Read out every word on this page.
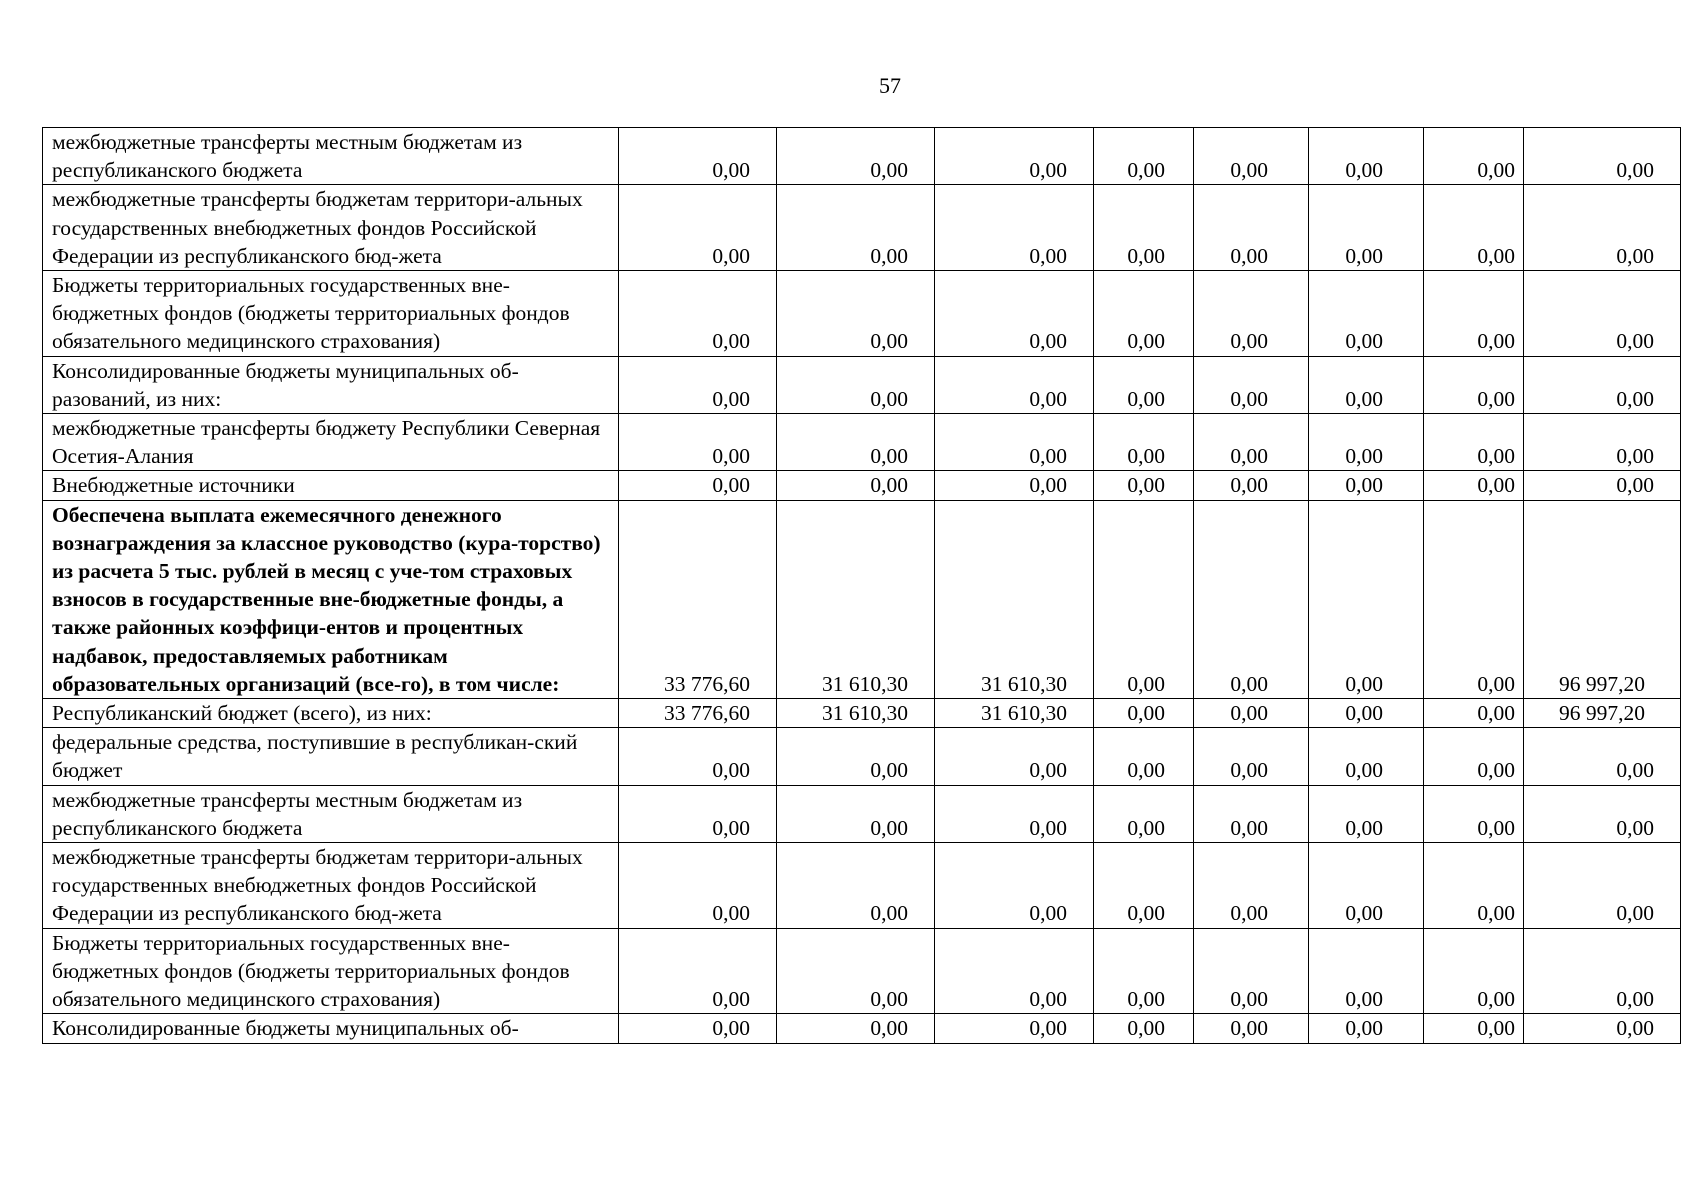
57
межбюджетные трансферты местным бюджетам из республиканского бюджета	0,00	0,00	0,00	0,00	0,00	0,00	0,00	0,00
межбюджетные трансферты бюджетам территори-альных государственных внебюджетных фондов Российской Федерации из республиканского бюд-жета	0,00	0,00	0,00	0,00	0,00	0,00	0,00	0,00
Бюджеты территориальных государственных вне-бюджетных фондов (бюджеты территориальных фондов обязательного медицинского страхования)	0,00	0,00	0,00	0,00	0,00	0,00	0,00	0,00
Консолидированные бюджеты муниципальных об-разований, из них:	0,00	0,00	0,00	0,00	0,00	0,00	0,00	0,00
межбюджетные трансферты бюджету Республики Северная Осетия-Алания	0,00	0,00	0,00	0,00	0,00	0,00	0,00	0,00
Внебюджетные источники	0,00	0,00	0,00	0,00	0,00	0,00	0,00	0,00
Обеспечена выплата ежемесячного денежного вознаграждения за классное руководство (кура-торство) из расчета 5 тыс. рублей в месяц с уче-том страховых взносов в государственные вне-бюджетные фонды, а также районных коэффици-ентов и процентных надбавок, предоставляемых работникам образовательных организаций (все-го), в том числе:	33 776,60	31 610,30	31 610,30	0,00	0,00	0,00	0,00	96 997,20
Республиканский бюджет (всего), из них:	33 776,60	31 610,30	31 610,30	0,00	0,00	0,00	0,00	96 997,20
федеральные средства, поступившие в республикан-ский бюджет	0,00	0,00	0,00	0,00	0,00	0,00	0,00	0,00
межбюджетные трансферты местным бюджетам из республиканского бюджета	0,00	0,00	0,00	0,00	0,00	0,00	0,00	0,00
межбюджетные трансферты бюджетам территори-альных государственных внебюджетных фондов Российской Федерации из республиканского бюд-жета	0,00	0,00	0,00	0,00	0,00	0,00	0,00	0,00
Бюджеты территориальных государственных вне-бюджетных фондов (бюджеты территориальных фондов обязательного медицинского страхования)	0,00	0,00	0,00	0,00	0,00	0,00	0,00	0,00
Консолидированные бюджеты муниципальных об-	0,00	0,00	0,00	0,00	0,00	0,00	0,00	0,00
